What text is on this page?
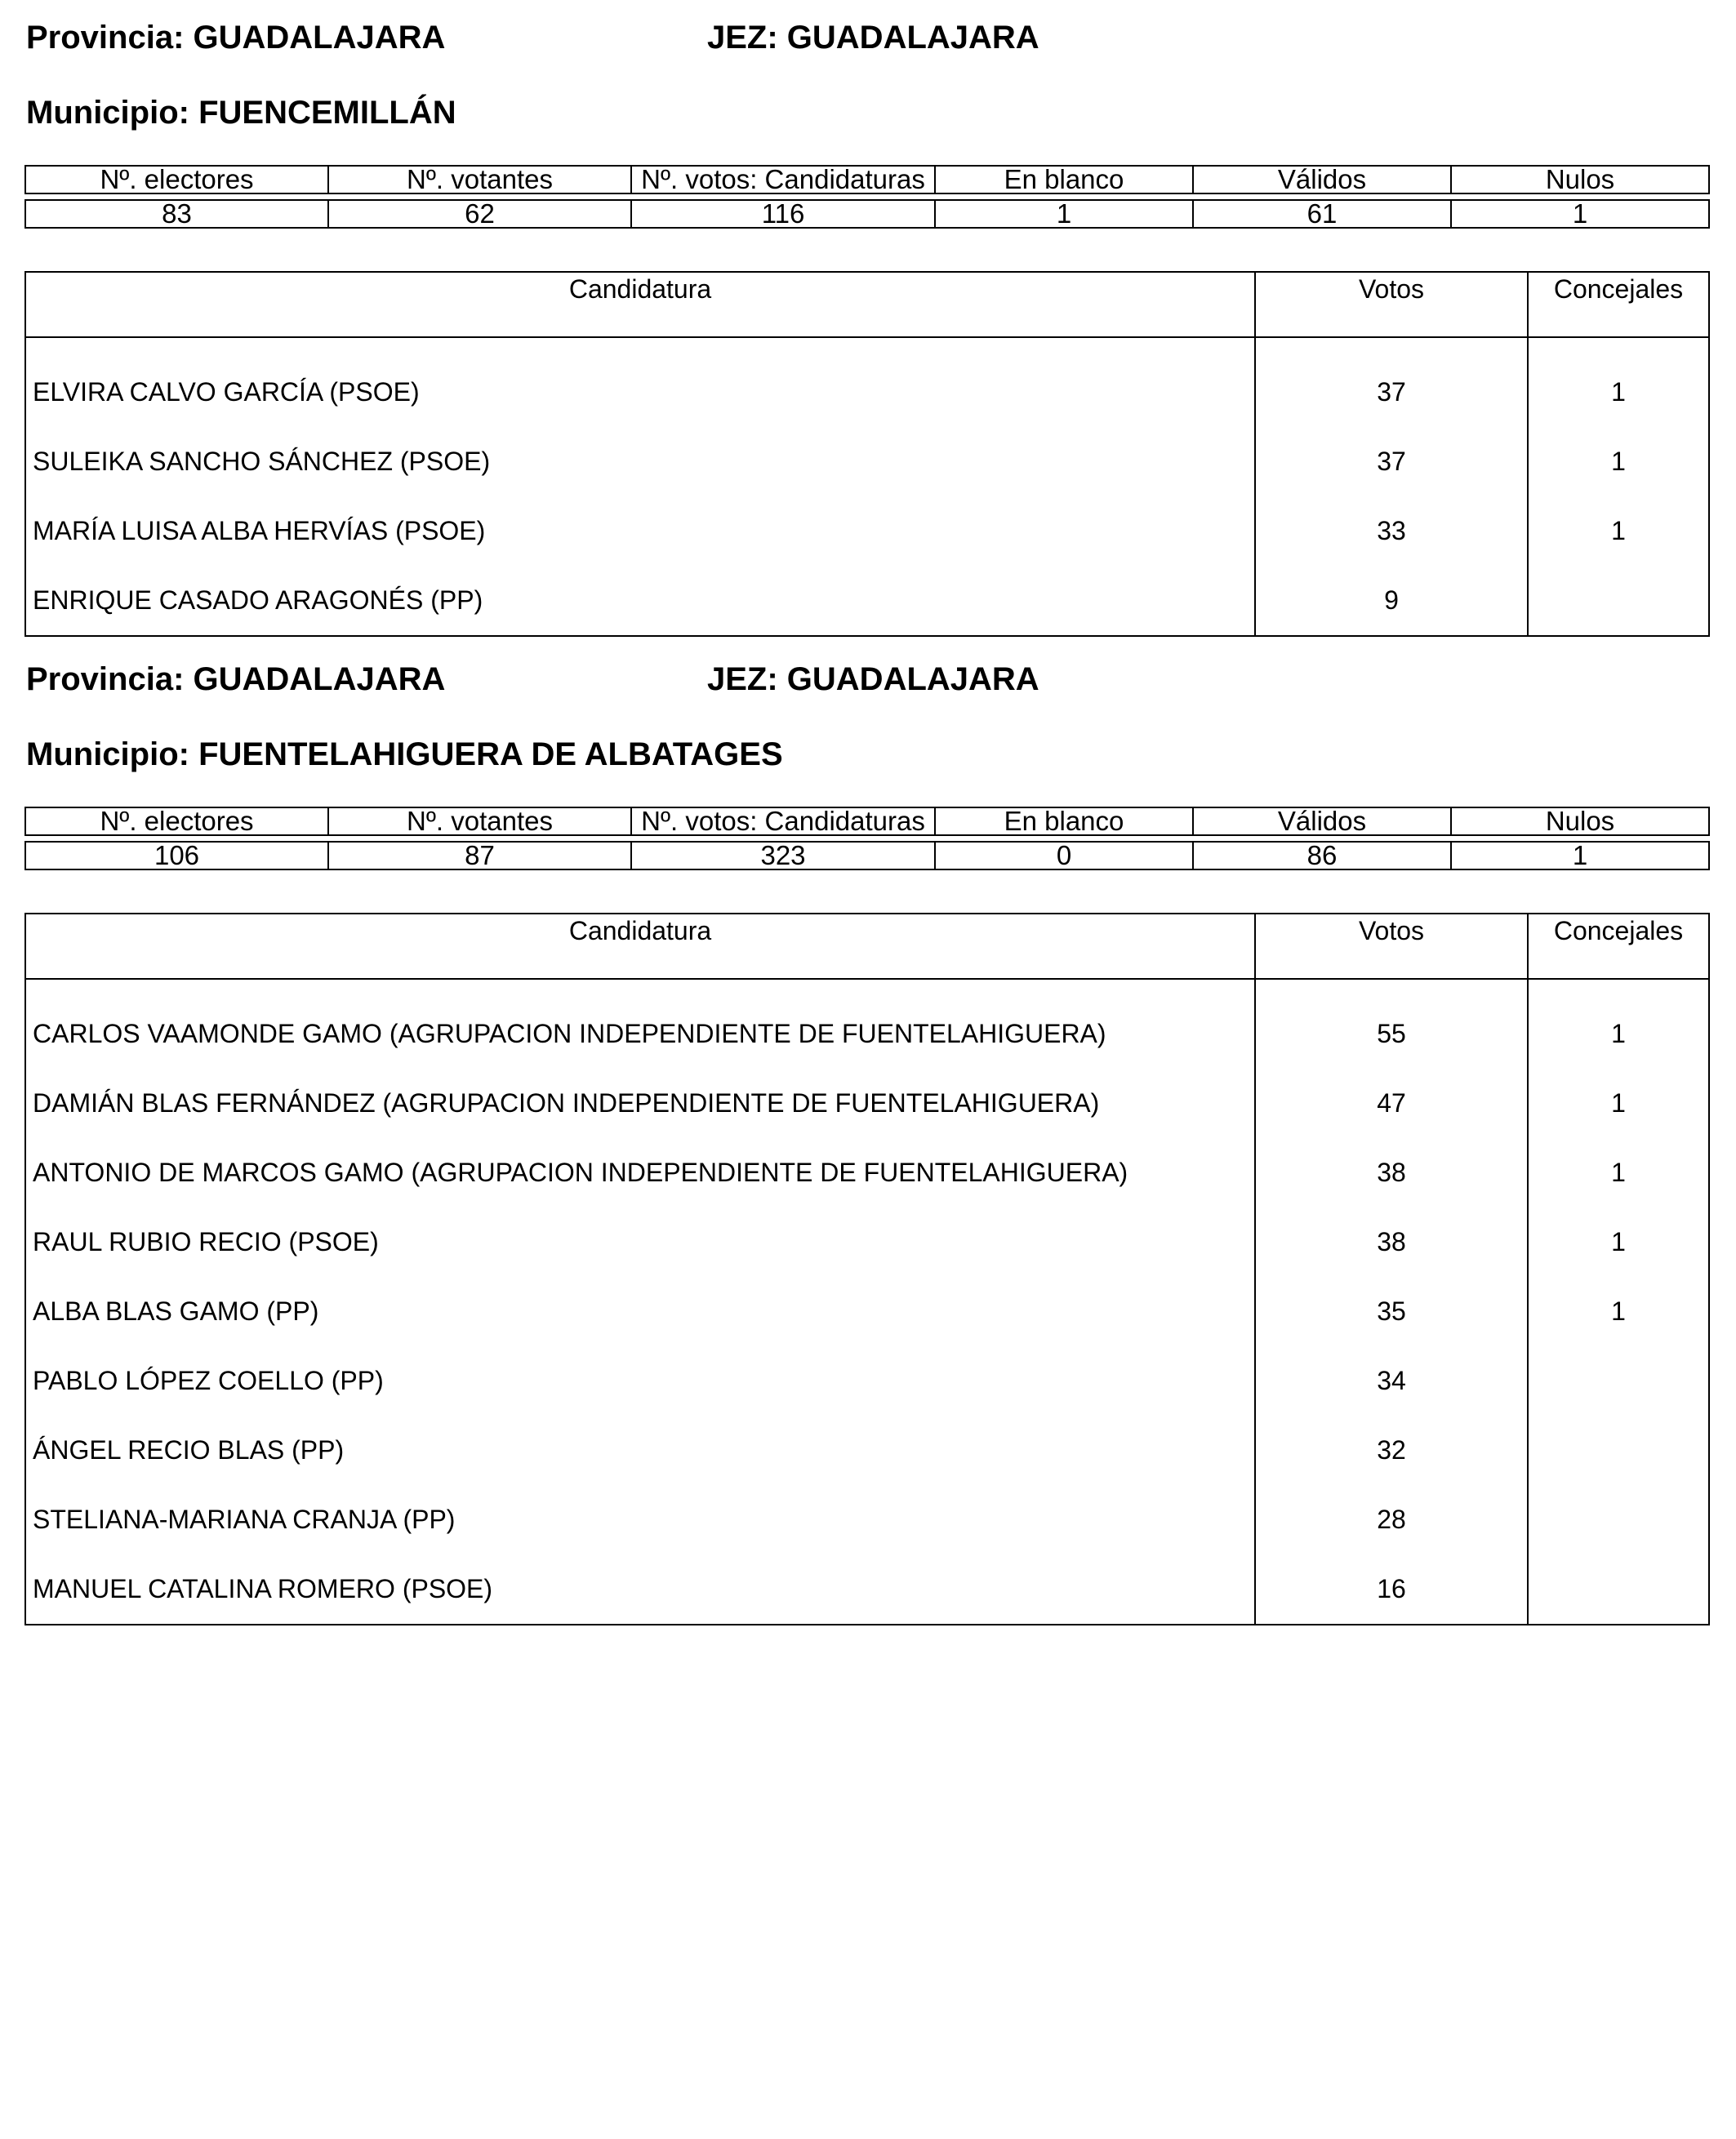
Provincia: GUADALAJARA	JEZ: GUADALAJARA
Municipio: FUENCEMILLÁN
Nº. electores	Nº. votantes	Nº. votos: Candidaturas	En blanco	Válidos	Nulos

83	62	116	1	61	1
Candidatura	Votos	Concejales
ELVIRA CALVO GARCÍA (PSOE)	37	1
SULEIKA SANCHO SÁNCHEZ (PSOE)	37	1
MARÍA LUISA ALBA HERVÍAS (PSOE)	33	1
ENRIQUE CASADO ARAGONÉS (PP)	9	
Provincia: GUADALAJARA	JEZ: GUADALAJARA
Municipio: FUENTELAHIGUERA DE ALBATAGES
Nº. electores	Nº. votantes	Nº. votos: Candidaturas	En blanco	Válidos	Nulos

106	87	323	0	86	1
Candidatura	Votos	Concejales
CARLOS VAAMONDE GAMO (AGRUPACION INDEPENDIENTE DE FUENTELAHIGUERA)	55	1
DAMIÁN BLAS FERNÁNDEZ (AGRUPACION INDEPENDIENTE DE FUENTELAHIGUERA)	47	1
ANTONIO DE MARCOS GAMO (AGRUPACION INDEPENDIENTE DE FUENTELAHIGUERA)	38	1
RAUL RUBIO RECIO (PSOE)	38	1
ALBA BLAS GAMO (PP)	35	1
PABLO LÓPEZ COELLO (PP)	34	
ÁNGEL RECIO BLAS (PP)	32	
STELIANA-MARIANA CRANJA (PP)	28	
MANUEL CATALINA ROMERO (PSOE)	16	
